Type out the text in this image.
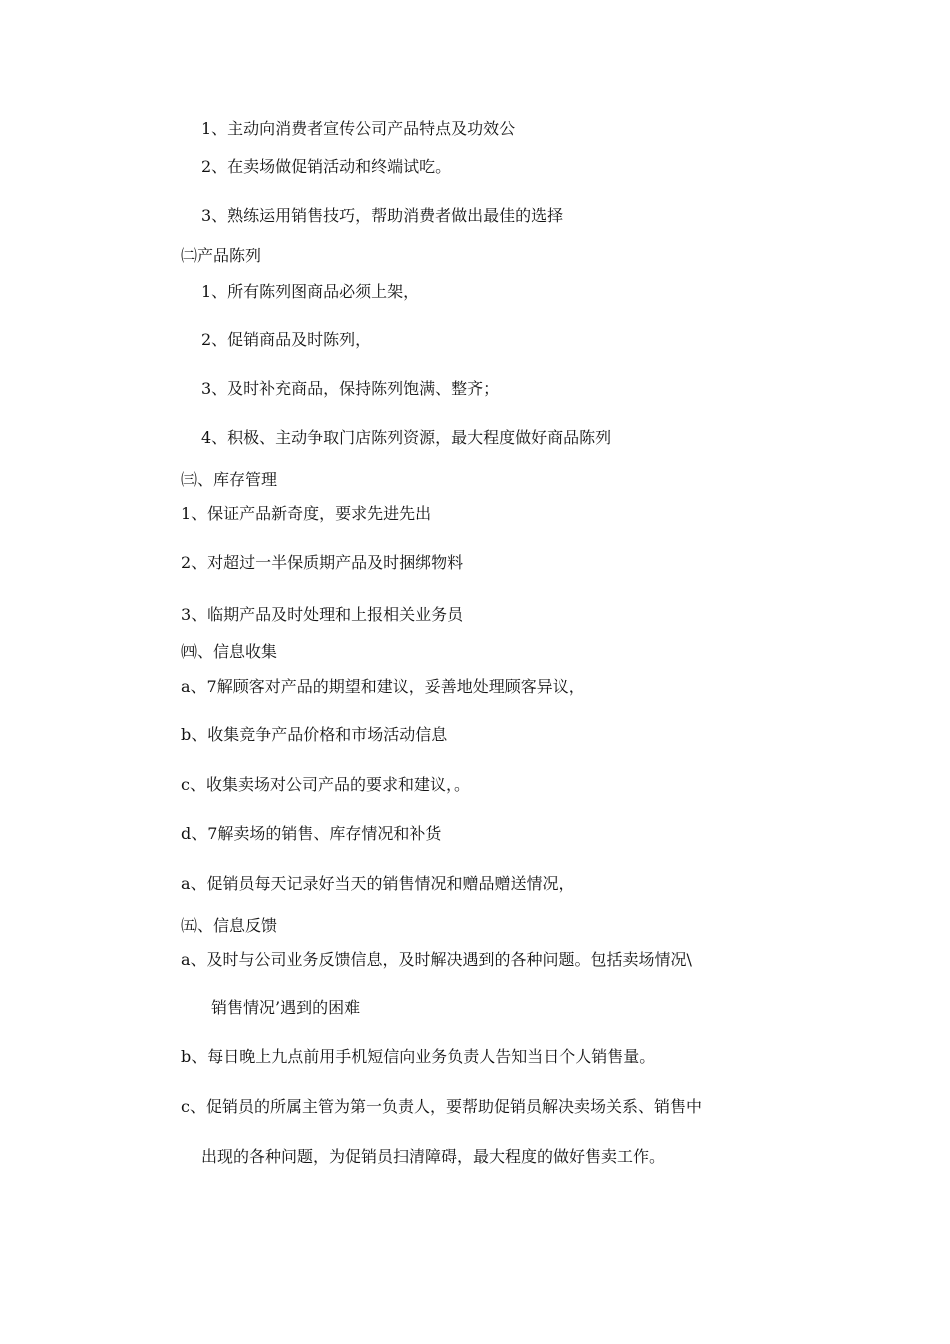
1、主动向消费者宣传公司产品特点及功效公
2、在卖场做促销活动和终端试吃。
3、熟练运用销售技巧，帮助消费者做出最佳的选择
㈡产品陈列
1、所有陈列图商品必须上架，
2、促销商品及时陈列，
3、及时补充商品，保持陈列饱满、整齐；
4、积极、主动争取门店陈列资源，最大程度做好商品陈列
㈢、库存管理
1、保证产品新奇度，要求先进先出
2、对超过一半保质期产品及时捆绑物料
3、临期产品及时处理和上报相关业务员
㈣、信息收集
a、7解顾客对产品的期望和建议，妥善地处理顾客异议，
b、收集竞争产品价格和市场活动信息
c、收集卖场对公司产品的要求和建议，。
d、7解卖场的销售、库存情况和补货
a、促销员每天记录好当天的销售情况和赠品赠送情况，
㈤、信息反馈
a、及时与公司业务反馈信息，及时解决遇到的各种问题。包括卖场情况\
销售情况’遇到的困难
b、每日晚上九点前用手机短信向业务负责人告知当日个人销售量。
c、促销员的所属主管为第一负责人，要帮助促销员解决卖场关系、销售中
出现的各种问题，为促销员扫清障碍，最大程度的做好售卖工作。
